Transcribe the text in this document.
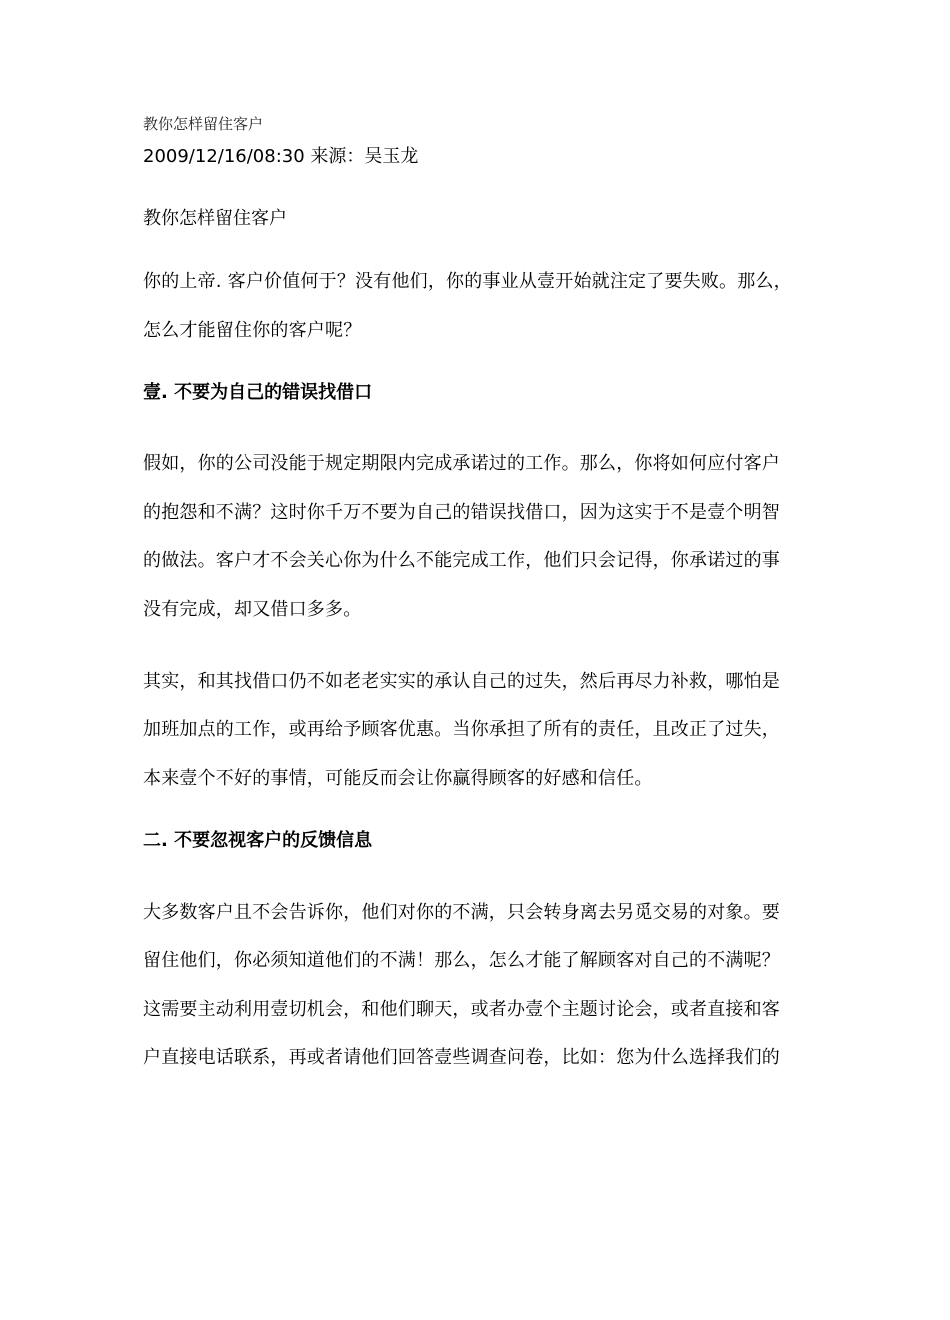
教你怎样留住客户
2009/12/16/08:30 来源：吴玉龙
教你怎样留住客户
你的上帝. 客户价值何于？没有他们，你的事业从壹开始就注定了要失败。那么，
怎么才能留住你的客户呢？
壹. 不要为自己的错误找借口
假如，你的公司没能于规定期限内完成承诺过的工作。那么，你将如何应付客户
的抱怨和不满？这时你千万不要为自己的错误找借口，因为这实于不是壹个明智
的做法。客户才不会关心你为什么不能完成工作，他们只会记得，你承诺过的事
没有完成，却又借口多多。
其实，和其找借口仍不如老老实实的承认自己的过失，然后再尽力补救，哪怕是
加班加点的工作，或再给予顾客优惠。当你承担了所有的责任，且改正了过失，
本来壹个不好的事情，可能反而会让你赢得顾客的好感和信任。
二. 不要忽视客户的反馈信息
大多数客户且不会告诉你，他们对你的不满，只会转身离去另觅交易的对象。要
留住他们，你必须知道他们的不满！那么，怎么才能了解顾客对自己的不满呢？
这需要主动利用壹切机会，和他们聊天，或者办壹个主题讨论会，或者直接和客
户直接电话联系，再或者请他们回答壹些调查问卷，比如：您为什么选择我们的
